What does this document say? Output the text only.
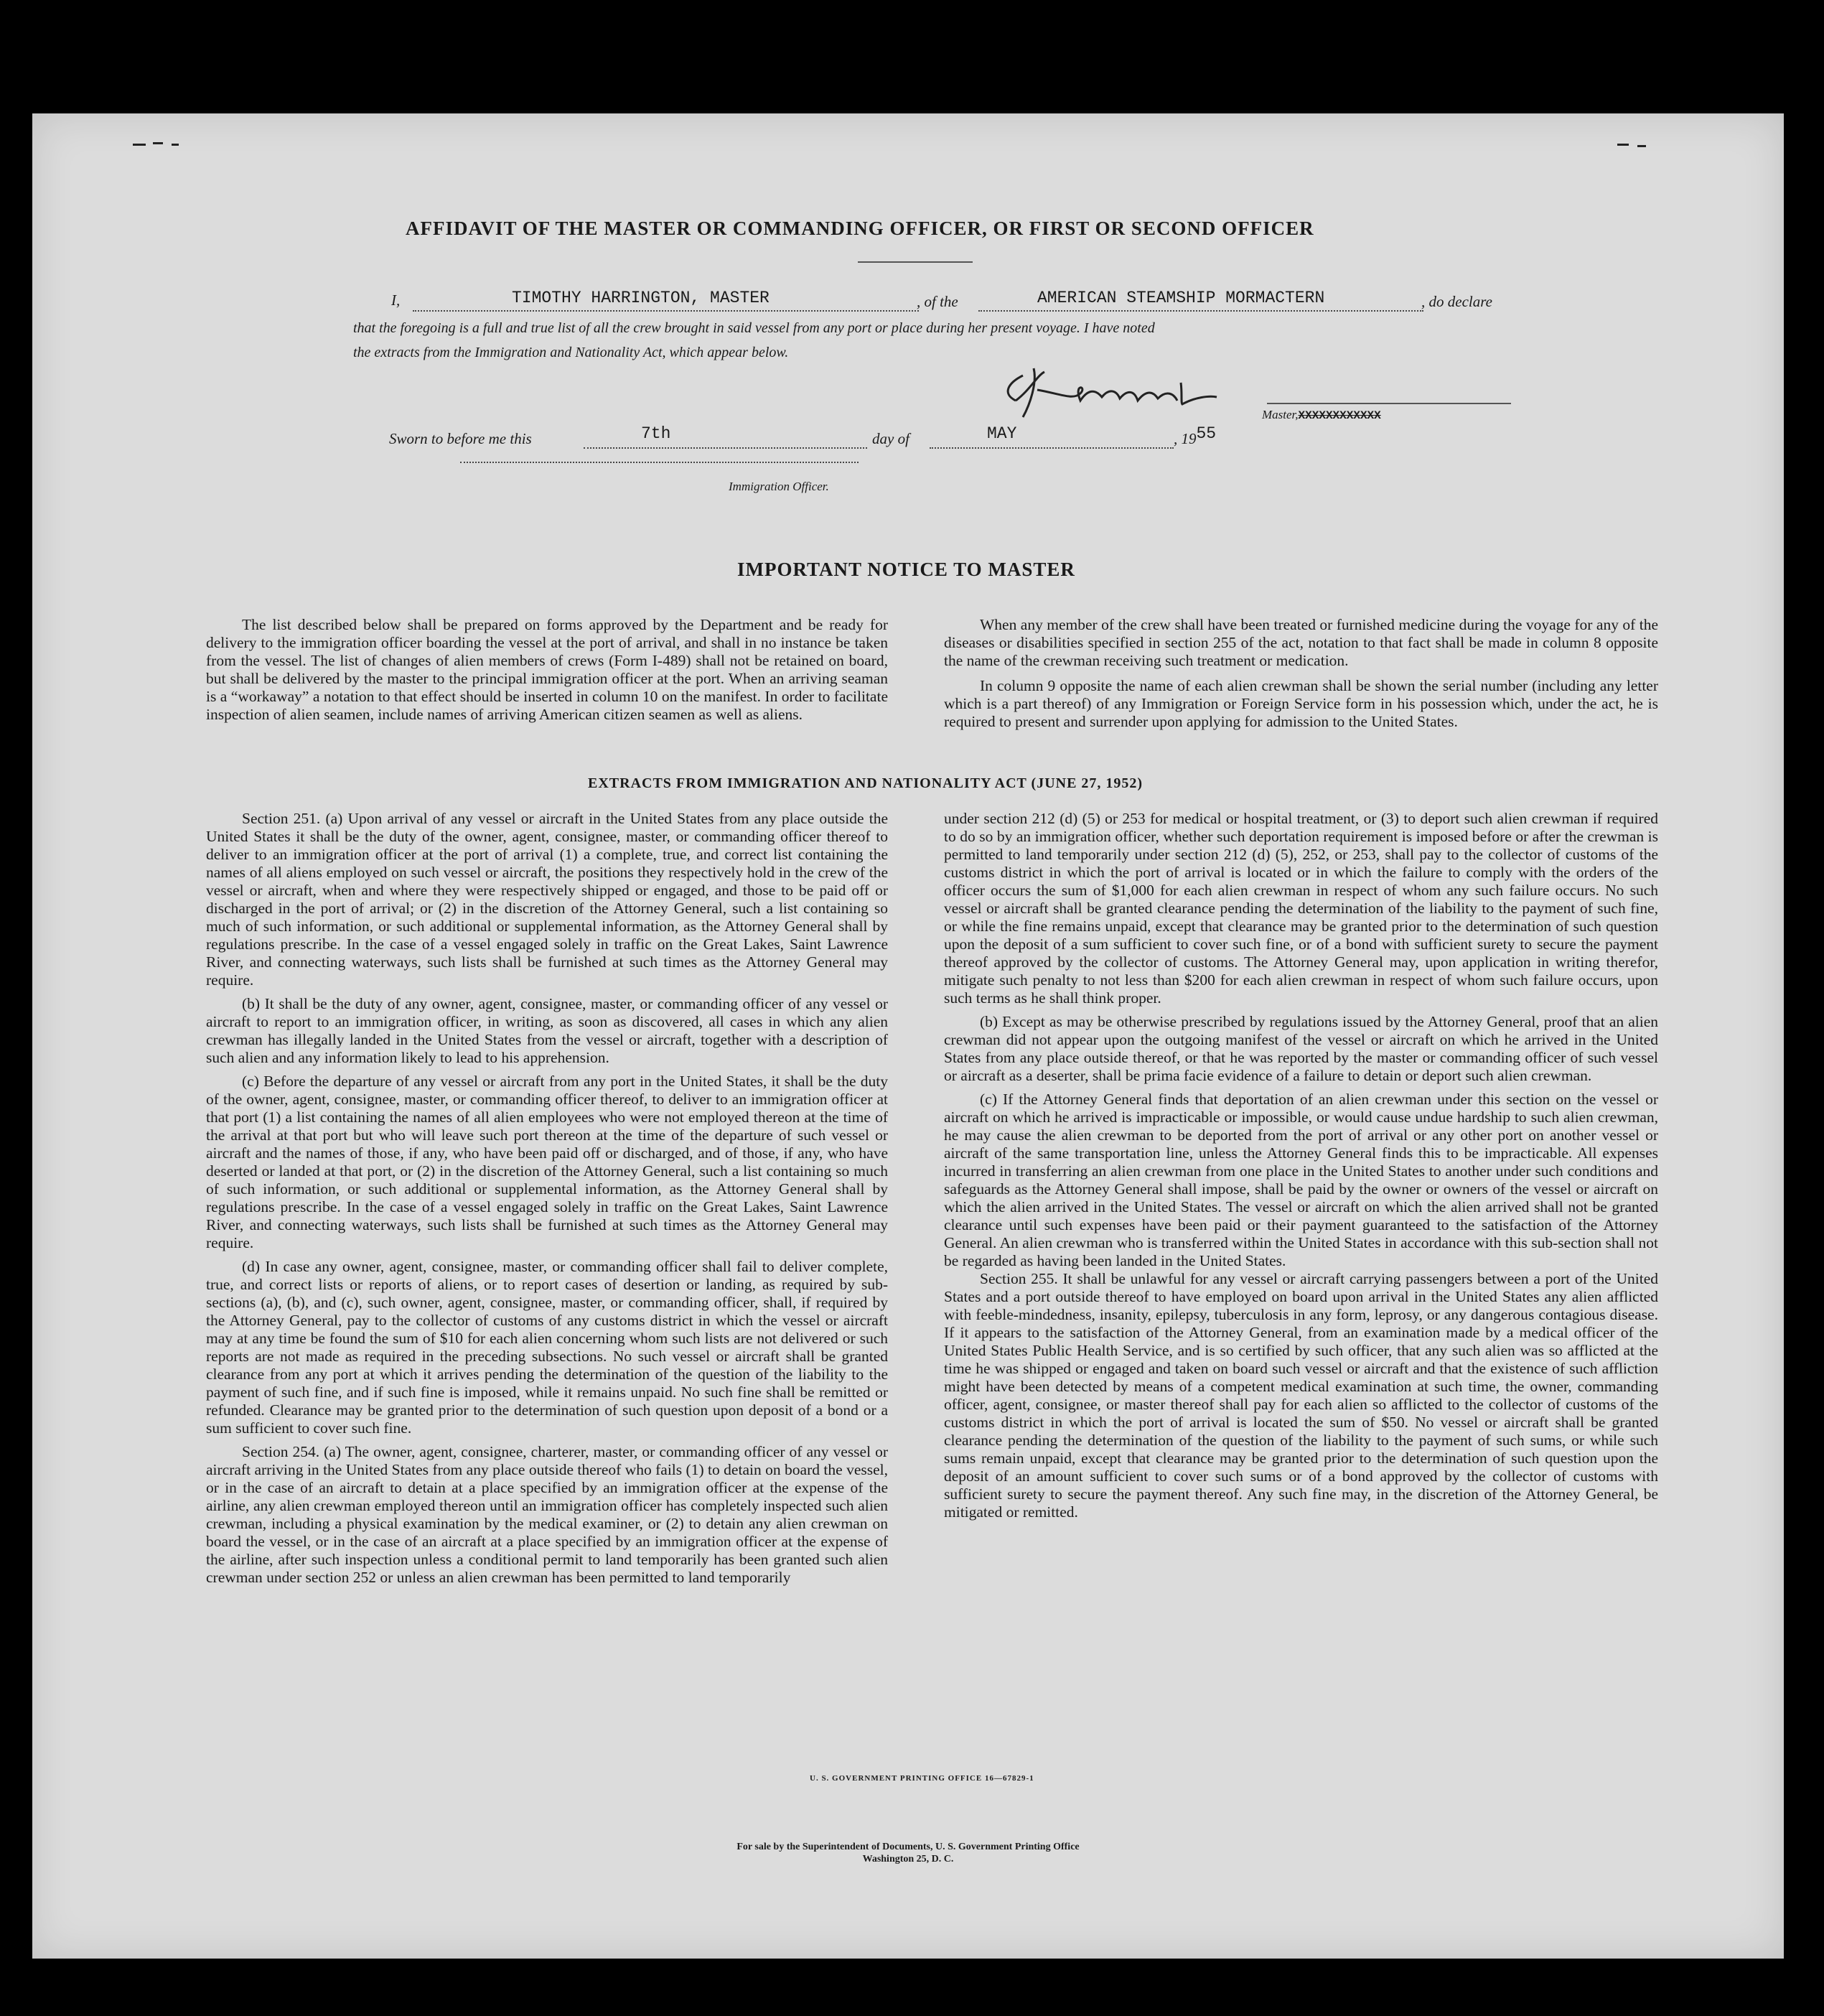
AFFIDAVIT OF THE MASTER OR COMMANDING OFFICER, OR FIRST OR SECOND OFFICER
I,	TIMOTHY HARRINGTON, MASTER	, of the	AMERICAN STEAMSHIP MORMACTERN	, do declare
that the foregoing is a full and true list of all the crew brought in said vessel from any port or place during her present voyage. I have noted
the extracts from the Immigration and Nationality Act, which appear below.
Master,XXXXXXXXXXXX
Sworn to before me this	7th	day of	MAY	, 1955
Immigration Officer.
IMPORTANT NOTICE TO MASTER

The list described below shall be prepared on forms approved by the Department and be ready for delivery to the immigration officer boarding the vessel at the port of arrival, and shall in no instance be taken from the vessel. The list of changes of alien members of crews (Form I-489) shall not be retained on board, but shall be delivered by the master to the principal immigration officer at the port. When an arriving seaman is a “workaway” a notation to that effect should be inserted in column 10 on the manifest. In order to facilitate inspection of alien seamen, include names of arriving American citizen seamen as well as aliens.

When any member of the crew shall have been treated or furnished medicine during the voyage for any of the diseases or disabilities specified in section 255 of the act, notation to that fact shall be made in column 8 opposite the name of the crewman receiving such treatment or medication.

In column 9 opposite the name of each alien crewman shall be shown the serial number (including any letter which is a part thereof) of any Immigration or Foreign Service form in his possession which, under the act, he is required to present and surrender upon applying for admission to the United States.

EXTRACTS FROM IMMIGRATION AND NATIONALITY ACT (JUNE 27, 1952)

Section 251. (a) Upon arrival of any vessel or aircraft in the United States from any place outside the United States it shall be the duty of the owner, agent, consignee, master, or commanding officer thereof to deliver to an immigration officer at the port of arrival (1) a complete, true, and correct list containing the names of all aliens employed on such vessel or aircraft, the positions they respectively hold in the crew of the vessel or aircraft, when and where they were respectively shipped or engaged, and those to be paid off or discharged in the port of arrival; or (2) in the discretion of the Attorney General, such a list containing so much of such information, or such additional or supplemental information, as the Attorney General shall by regulations prescribe. In the case of a vessel engaged solely in traffic on the Great Lakes, Saint Lawrence River, and connecting waterways, such lists shall be furnished at such times as the Attorney General may require.

(b) It shall be the duty of any owner, agent, consignee, master, or commanding officer of any vessel or aircraft to report to an immigration officer, in writing, as soon as discovered, all cases in which any alien crewman has illegally landed in the United States from the vessel or aircraft, together with a description of such alien and any information likely to lead to his apprehension.

(c) Before the departure of any vessel or aircraft from any port in the United States, it shall be the duty of the owner, agent, consignee, master, or commanding officer thereof, to deliver to an immigration officer at that port (1) a list containing the names of all alien employees who were not employed thereon at the time of the arrival at that port but who will leave such port thereon at the time of the departure of such vessel or aircraft and the names of those, if any, who have been paid off or discharged, and of those, if any, who have deserted or landed at that port, or (2) in the discretion of the Attorney General, such a list containing so much of such information, or such additional or supplemental information, as the Attorney General shall by regulations prescribe. In the case of a vessel engaged solely in traffic on the Great Lakes, Saint Lawrence River, and connecting waterways, such lists shall be furnished at such times as the Attorney General may require.

(d) In case any owner, agent, consignee, master, or commanding officer shall fail to deliver complete, true, and correct lists or reports of aliens, or to report cases of desertion or landing, as required by sub-sections (a), (b), and (c), such owner, agent, consignee, master, or commanding officer, shall, if required by the Attorney General, pay to the collector of customs of any customs district in which the vessel or aircraft may at any time be found the sum of $10 for each alien concerning whom such lists are not delivered or such reports are not made as required in the preceding subsections. No such vessel or aircraft shall be granted clearance from any port at which it arrives pending the determination of the question of the liability to the payment of such fine, and if such fine is imposed, while it remains unpaid. No such fine shall be remitted or refunded. Clearance may be granted prior to the determination of such question upon deposit of a bond or a sum sufficient to cover such fine.

Section 254. (a) The owner, agent, consignee, charterer, master, or commanding officer of any vessel or aircraft arriving in the United States from any place outside thereof who fails (1) to detain on board the vessel, or in the case of an aircraft to detain at a place specified by an immigration officer at the expense of the airline, any alien crewman employed thereon until an immigration officer has completely inspected such alien crewman, including a physical examination by the medical examiner, or (2) to detain any alien crewman on board the vessel, or in the case of an aircraft at a place specified by an immigration officer at the expense of the airline, after such inspection unless a conditional permit to land temporarily has been granted such alien crewman under section 252 or unless an alien crewman has been permitted to land temporarily

under section 212 (d) (5) or 253 for medical or hospital treatment, or (3) to deport such alien crewman if required to do so by an immigration officer, whether such deportation requirement is imposed before or after the crewman is permitted to land temporarily under section 212 (d) (5), 252, or 253, shall pay to the collector of customs of the customs district in which the port of arrival is located or in which the failure to comply with the orders of the officer occurs the sum of $1,000 for each alien crewman in respect of whom any such failure occurs. No such vessel or aircraft shall be granted clearance pending the determination of the liability to the payment of such fine, or while the fine remains unpaid, except that clearance may be granted prior to the determination of such question upon the deposit of a sum sufficient to cover such fine, or of a bond with sufficient surety to secure the payment thereof approved by the collector of customs. The Attorney General may, upon application in writing therefor, mitigate such penalty to not less than $200 for each alien crewman in respect of whom such failure occurs, upon such terms as he shall think proper.

(b) Except as may be otherwise prescribed by regulations issued by the Attorney General, proof that an alien crewman did not appear upon the outgoing manifest of the vessel or aircraft on which he arrived in the United States from any place outside thereof, or that he was reported by the master or commanding officer of such vessel or aircraft as a deserter, shall be prima facie evidence of a failure to detain or deport such alien crewman.

(c) If the Attorney General finds that deportation of an alien crewman under this section on the vessel or aircraft on which he arrived is impracticable or impossible, or would cause undue hardship to such alien crewman, he may cause the alien crewman to be deported from the port of arrival or any other port on another vessel or aircraft of the same transportation line, unless the Attorney General finds this to be impracticable. All expenses incurred in transferring an alien crewman from one place in the United States to another under such conditions and safeguards as the Attorney General shall impose, shall be paid by the owner or owners of the vessel or aircraft on which the alien arrived in the United States. The vessel or aircraft on which the alien arrived shall not be granted clearance until such expenses have been paid or their payment guaranteed to the satisfaction of the Attorney General. An alien crewman who is transferred within the United States in accordance with this sub-section shall not be regarded as having been landed in the United States.

Section 255. It shall be unlawful for any vessel or aircraft carrying passengers between a port of the United States and a port outside thereof to have employed on board upon arrival in the United States any alien afflicted with feeble-mindedness, insanity, epilepsy, tuberculosis in any form, leprosy, or any dangerous contagious disease. If it appears to the satisfaction of the Attorney General, from an examination made by a medical officer of the United States Public Health Service, and is so certified by such officer, that any such alien was so afflicted at the time he was shipped or engaged and taken on board such vessel or aircraft and that the existence of such affliction might have been detected by means of a competent medical examination at such time, the owner, commanding officer, agent, consignee, or master thereof shall pay for each alien so afflicted to the collector of customs of the customs district in which the port of arrival is located the sum of $50. No vessel or aircraft shall be granted clearance pending the determination of the question of the liability to the payment of such sums, or while such sums remain unpaid, except that clearance may be granted prior to the determination of such question upon the deposit of an amount sufficient to cover such sums or of a bond approved by the collector of customs with sufficient surety to secure the payment thereof. Any such fine may, in the discretion of the Attorney General, be mitigated or remitted.

U. S. GOVERNMENT PRINTING OFFICE 16—67829-1
For sale by the Superintendent of Documents, U. S. Government Printing Office
Washington 25, D. C.
